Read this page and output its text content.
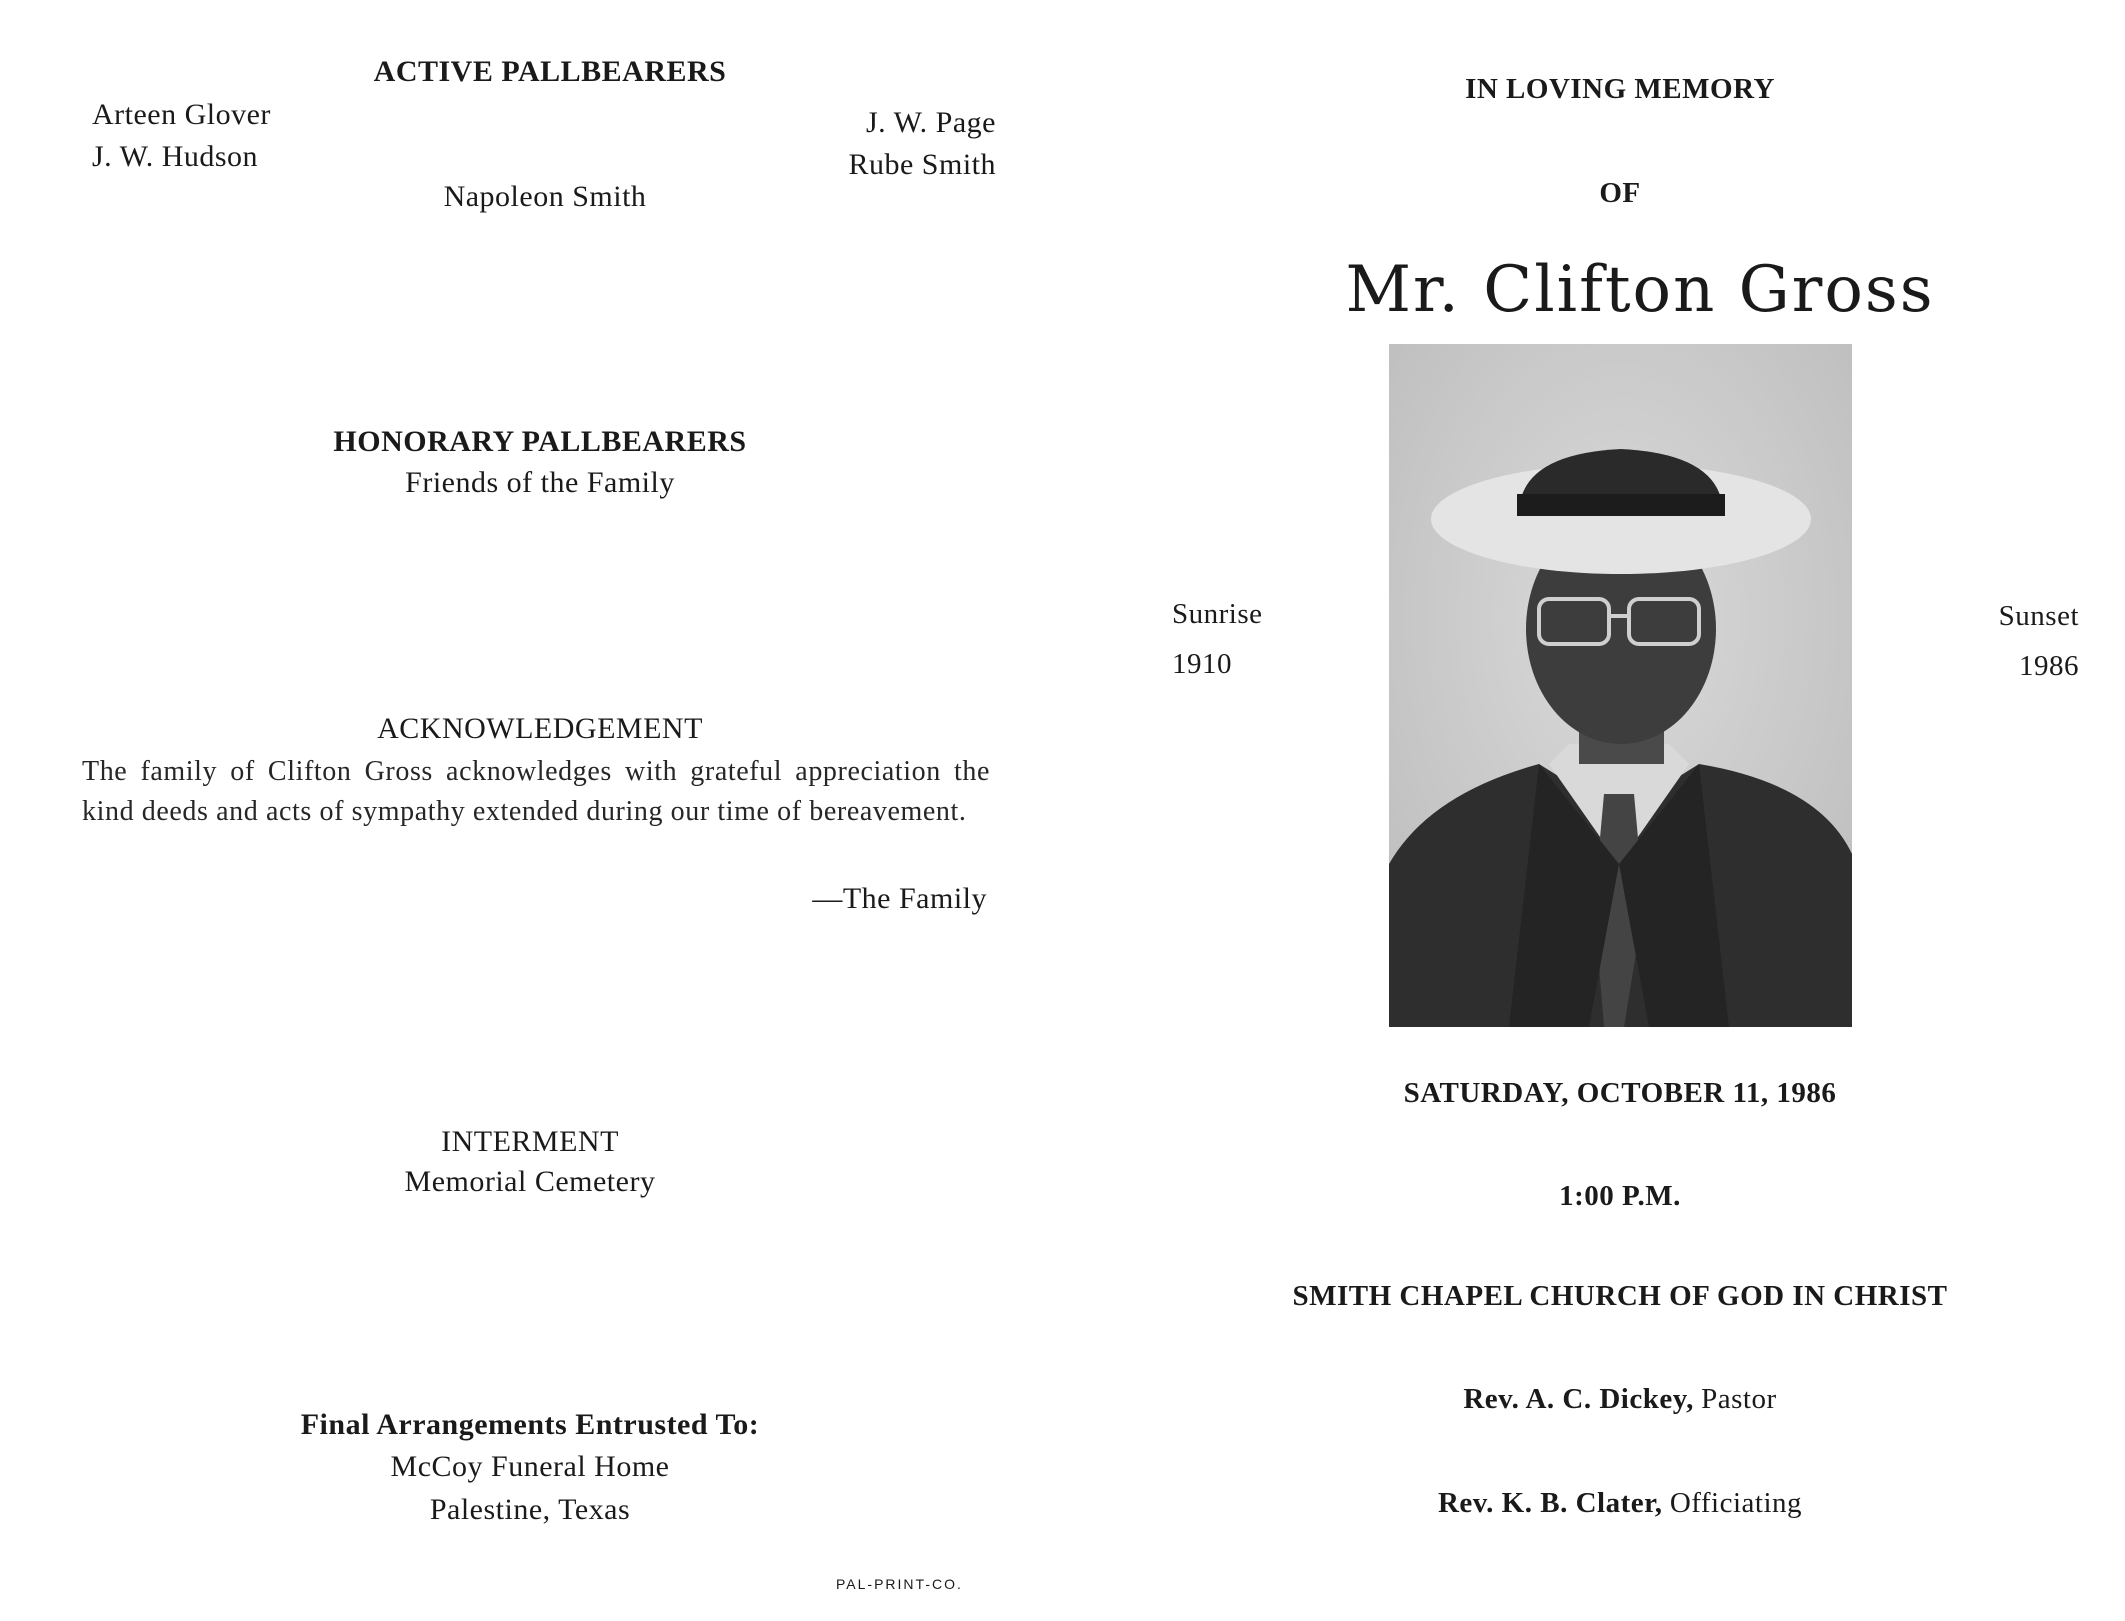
ACTIVE PALLBEARERS
Arteen Glover
J. W. Hudson
J. W. Page
Rube Smith
Napoleon Smith
HONORARY PALLBEARERS
Friends of the Family
ACKNOWLEDGEMENT
The family of Clifton Gross acknowledges with grateful appreciation the kind deeds and acts of sympathy extended during our time of bereavement.
—The Family
INTERMENT
Memorial Cemetery
Final Arrangements Entrusted To:
McCoy Funeral Home
Palestine, Texas
PAL-PRINT-CO.
IN LOVING MEMORY
OF
Mr. Clifton Gross
Sunrise
1910
Sunset
1986
SATURDAY, OCTOBER 11, 1986
1:00 P.M.
SMITH CHAPEL CHURCH OF GOD IN CHRIST
Rev. A. C. Dickey, Pastor
Rev. K. B. Clater, Officiating
